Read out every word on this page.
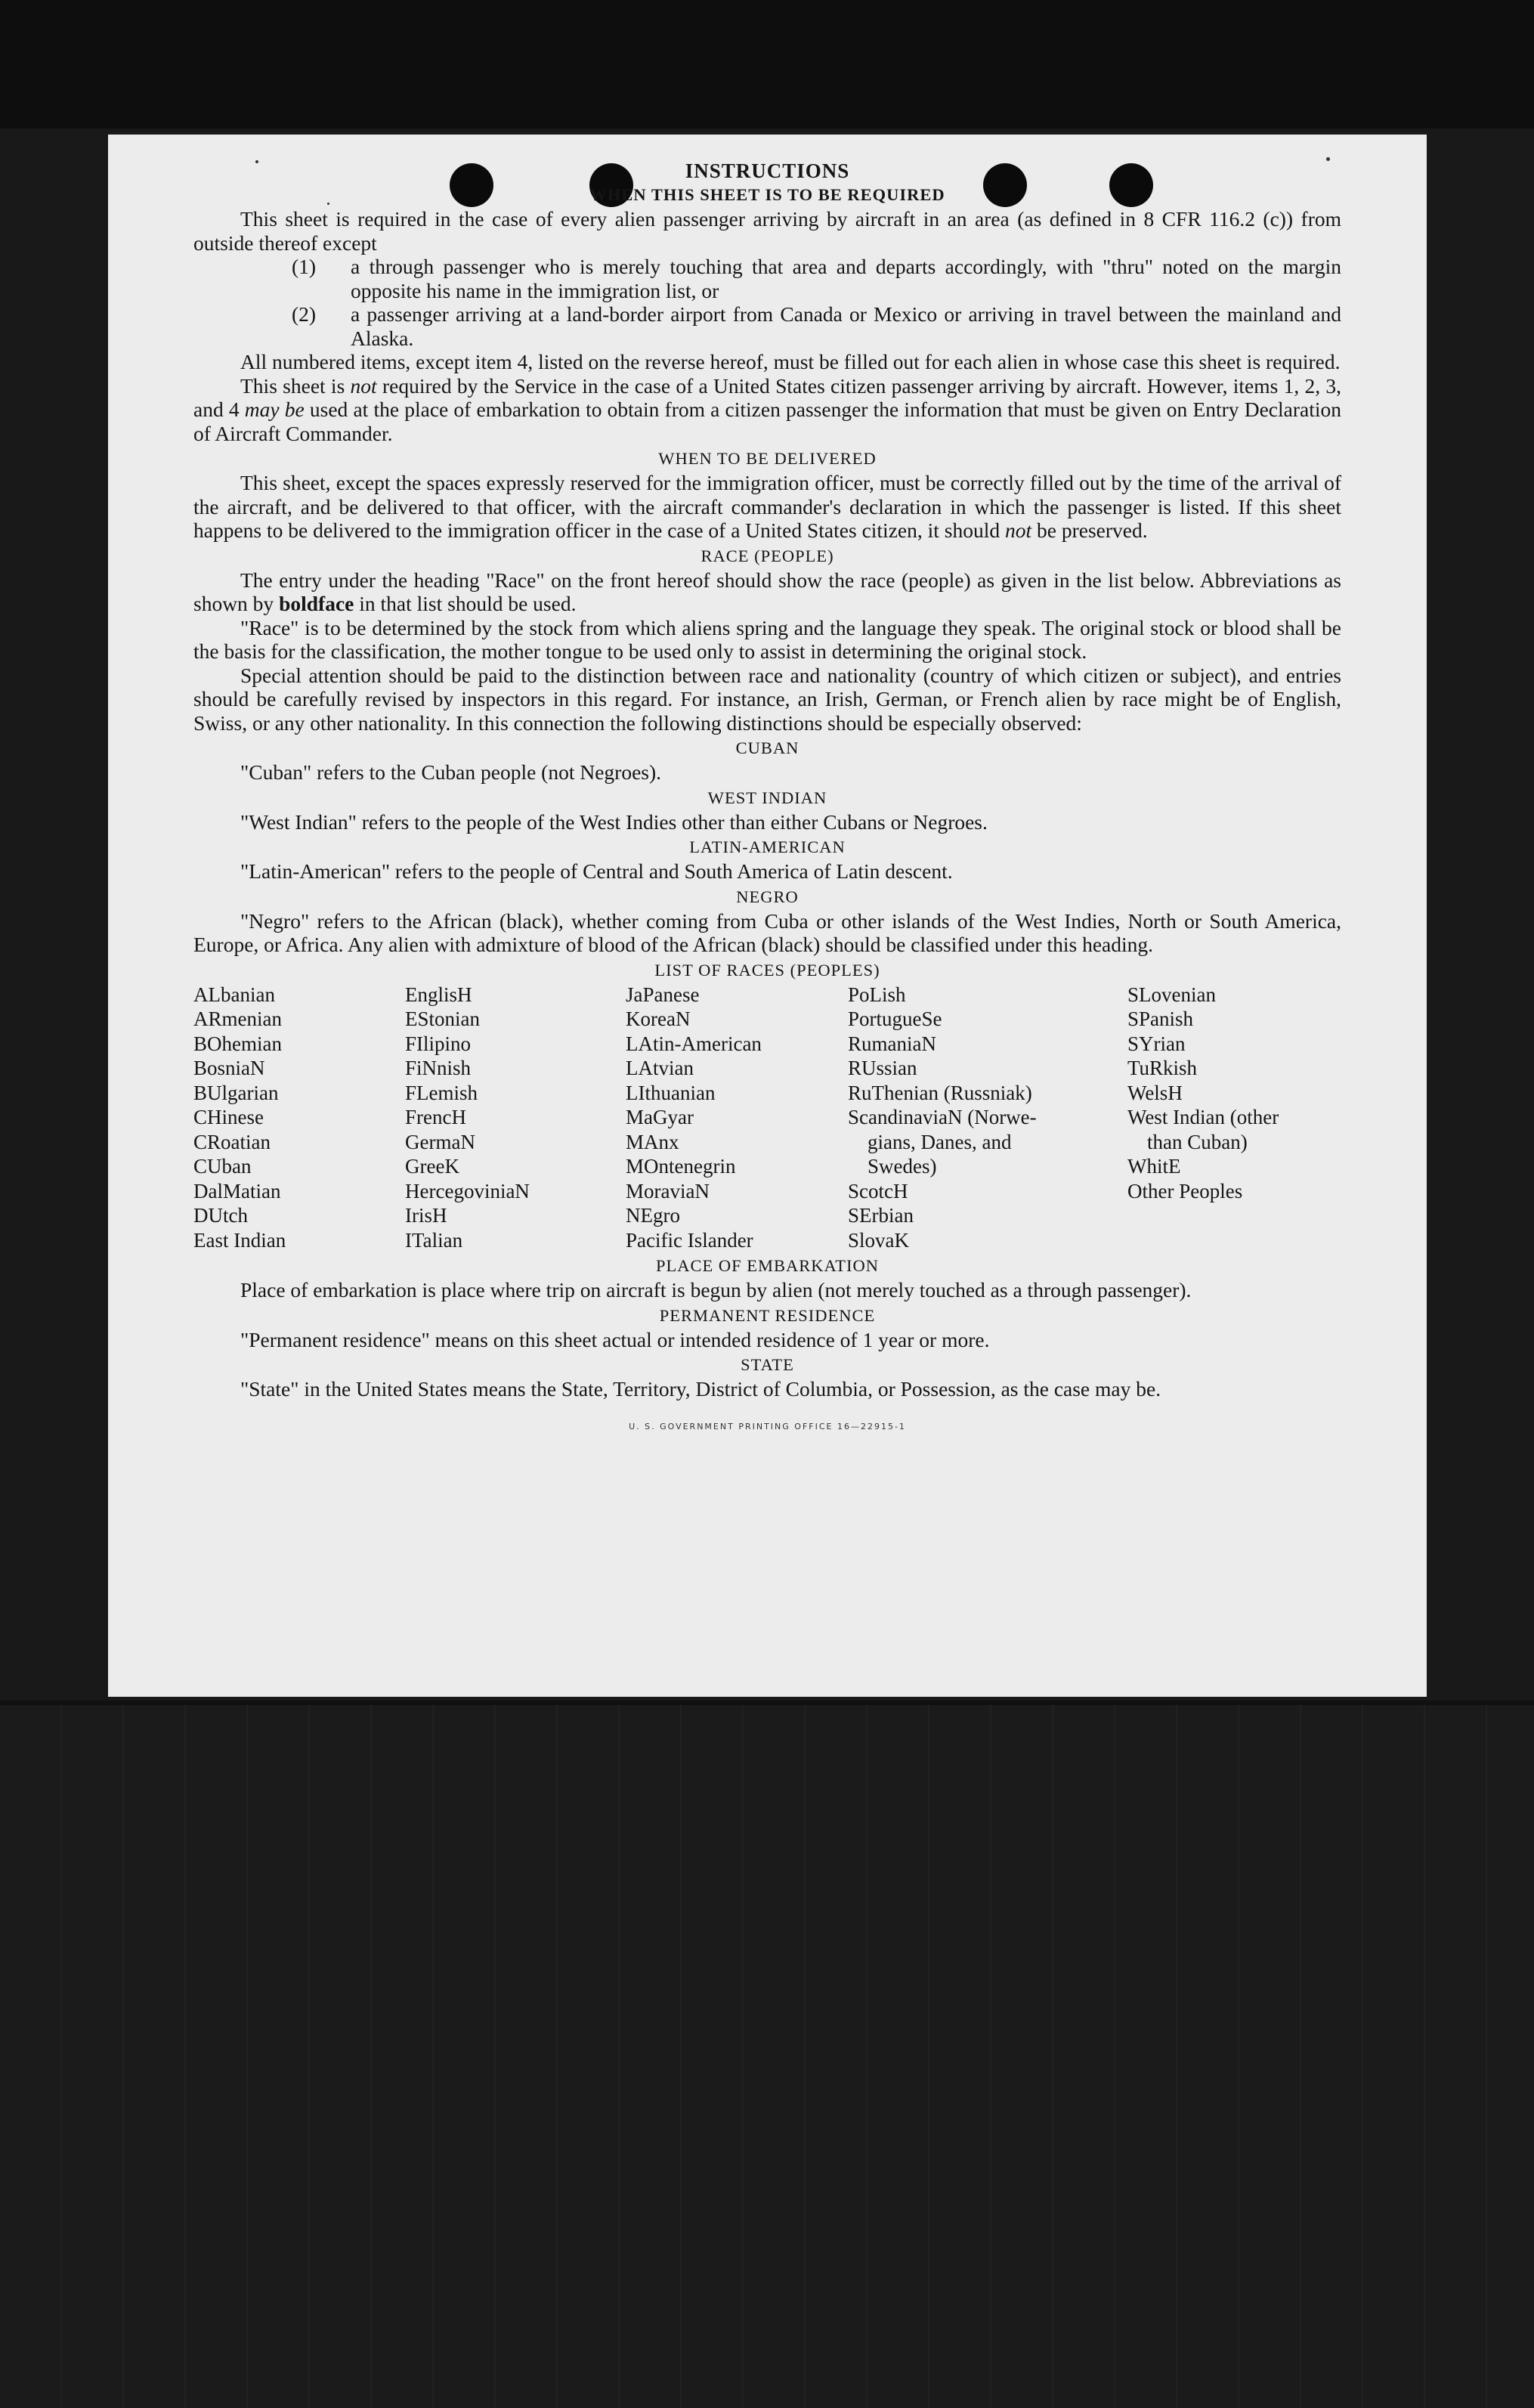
INSTRUCTIONS
WHEN THIS SHEET IS TO BE REQUIRED

This sheet is required in the case of every alien passenger arriving by aircraft in an area (as defined in 8 CFR 116.2 (c)) from outside thereof except

(1)	a through passenger who is merely touching that area and departs accordingly, with "thru" noted on the margin opposite his name in the immigration list, or
(2)	a passenger arriving at a land-border airport from Canada or Mexico or arriving in travel between the mainland and Alaska.

All numbered items, except item 4, listed on the reverse hereof, must be filled out for each alien in whose case this sheet is required.

This sheet is not required by the Service in the case of a United States citizen passenger arriving by aircraft. However, items 1, 2, 3, and 4 may be used at the place of embarkation to obtain from a citizen passenger the information that must be given on Entry Declaration of Aircraft Commander.

WHEN TO BE DELIVERED

This sheet, except the spaces expressly reserved for the immigration officer, must be correctly filled out by the time of the arrival of the aircraft, and be delivered to that officer, with the aircraft commander's declaration in which the passenger is listed. If this sheet happens to be delivered to the immigration officer in the case of a United States citizen, it should not be preserved.

RACE (PEOPLE)

The entry under the heading "Race" on the front hereof should show the race (people) as given in the list below. Abbreviations as shown by boldface in that list should be used.

"Race" is to be determined by the stock from which aliens spring and the language they speak. The original stock or blood shall be the basis for the classification, the mother tongue to be used only to assist in determining the original stock.

Special attention should be paid to the distinction between race and nationality (country of which citizen or subject), and entries should be carefully revised by inspectors in this regard. For instance, an Irish, German, or French alien by race might be of English, Swiss, or any other nationality. In this connection the following distinctions should be especially observed:

CUBAN

"Cuban" refers to the Cuban people (not Negroes).

WEST INDIAN

"West Indian" refers to the people of the West Indies other than either Cubans or Negroes.

LATIN-AMERICAN

"Latin-American" refers to the people of Central and South America of Latin descent.

NEGRO

"Negro" refers to the African (black), whether coming from Cuba or other islands of the West Indies, North or South America, Europe, or Africa. Any alien with admixture of blood of the African (black) should be classified under this heading.

LIST OF RACES (PEOPLES)
ALbanian
ARmenian
BOhemian
BosniaN
BUlgarian
CHinese
CRoatian
CUban
DalMatian
DUtch
East Indian
EnglisH
EStonian
FIlipino
FiNnish
FLemish
FrencH
GermaN
GreeK
HercegoviniaN
IrisH
ITalian
JaPanese
KoreaN
LAtin-American
LAtvian
LIthuanian
MaGyar
MAnx
MOntenegrin
MoraviaN
NEgro
Pacific Islander
PoLish
PortugueSe
RumaniaN
RUssian
RuThenian (Russniak)
ScandinaviaN (Norwe-
gians, Danes, and
Swedes)
ScotcH
SErbian
SlovaK
SLovenian
SPanish
SYrian
TuRkish
WelsH
West Indian (other
than Cuban)
WhitE
Other Peoples
PLACE OF EMBARKATION

Place of embarkation is place where trip on aircraft is begun by alien (not merely touched as a through passenger).

PERMANENT RESIDENCE

"Permanent residence" means on this sheet actual or intended residence of 1 year or more.

STATE

"State" in the United States means the State, Territory, District of Columbia, or Possession, as the case may be.

U. S. GOVERNMENT PRINTING OFFICE 16—22915-1
